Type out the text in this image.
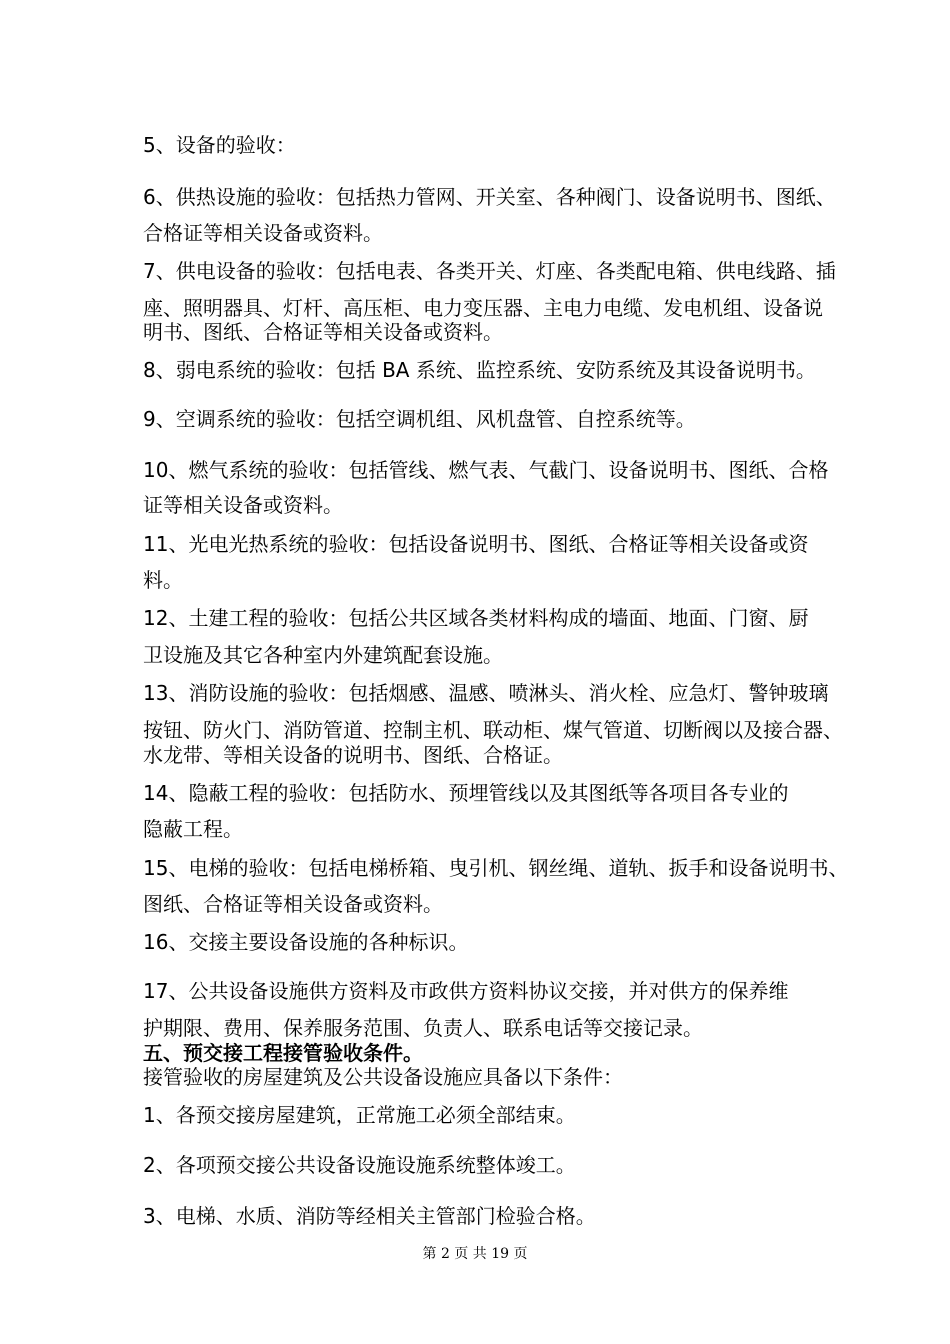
5、设备的验收：

6、供热设施的验收：包括热力管网、开关室、各种阀门、设备说明书、图纸、

合格证等相关设备或资料。

7、供电设备的验收：包括电表、各类开关、灯座、各类配电箱、供电线路、插

座、照明器具、灯杆、高压柜、电力变压器、主电力电缆、发电机组、设备说

明书、图纸、合格证等相关设备或资料。

8、弱电系统的验收：包括 BA 系统、监控系统、安防系统及其设备说明书。

9、空调系统的验收：包括空调机组、风机盘管、自控系统等。

10、燃气系统的验收：包括管线、燃气表、气截门、设备说明书、图纸、合格

证等相关设备或资料。

11、光电光热系统的验收：包括设备说明书、图纸、合格证等相关设备或资

料。

12、土建工程的验收：包括公共区域各类材料构成的墙面、地面、门窗、厨

卫设施及其它各种室内外建筑配套设施。

13、消防设施的验收：包括烟感、温感、喷淋头、消火栓、应急灯、警钟玻璃

按钮、防火门、消防管道、控制主机、联动柜、煤气管道、切断阀以及接合器、

水龙带、等相关设备的说明书、图纸、合格证。

14、隐蔽工程的验收：包括防水、预埋管线以及其图纸等各项目各专业的

隐蔽工程。

15、电梯的验收：包括电梯桥箱、曳引机、钢丝绳、道轨、扳手和设备说明书、

图纸、合格证等相关设备或资料。

16、交接主要设备设施的各种标识。

17、公共设备设施供方资料及市政供方资料协议交接，并对供方的保养维

护期限、费用、保养服务范围、负责人、联系电话等交接记录。

五、预交接工程接管验收条件。

接管验收的房屋建筑及公共设备设施应具备以下条件：

1、各预交接房屋建筑，正常施工必须全部结束。

2、各项预交接公共设备设施设施系统整体竣工。

3、电梯、水质、消防等经相关主管部门检验合格。

第 2 页 共 19 页
